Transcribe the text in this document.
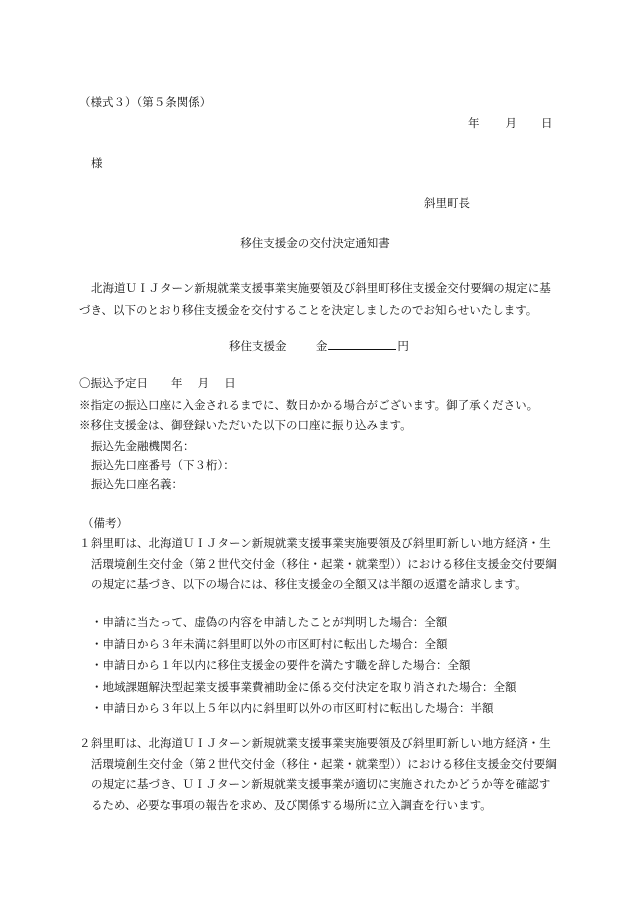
（様式３）（第５条関係）
年 月 日
様
斜里町長
移住支援金の交付決定通知書
北海道ＵＩＪターン新規就業支援事業実施要領及び斜里町移住支援金交付要綱の規定に基づき、以下のとおり移住支援金を交付することを決定しましたのでお知らせいたします。
移住支援金	金	円
〇振込予定日　　年　 月　 日
※指定の振込口座に入金されるまでに、数日かかる場合がございます。御了承ください。
※移住支援金は、御登録いただいた以下の口座に振り込みます。
振込先金融機関名：
振込先口座番号（下３桁）：
振込先口座名義：
（備考）
１ 斜里町は、北海道ＵＩＪターン新規就業支援事業実施要領及び斜里町新しい地方経済・生活環境創生交付金（第２世代交付金（移住・起業・就業型））における移住支援金交付要綱の規定に基づき、以下の場合には、移住支援金の全額又は半額の返還を請求します。
・申請に当たって、虚偽の内容を申請したことが判明した場合：全額
・申請日から３年未満に斜里町以外の市区町村に転出した場合：全額
・申請日から１年以内に移住支援金の要件を満たす職を辞した場合：全額
・地域課題解決型起業支援事業費補助金に係る交付決定を取り消された場合：全額
・申請日から３年以上５年以内に斜里町以外の市区町村に転出した場合：半額
２ 斜里町は、北海道ＵＩＪターン新規就業支援事業実施要領及び斜里町新しい地方経済・生活環境創生交付金（第２世代交付金（移住・起業・就業型））における移住支援金交付要綱の規定に基づき、ＵＩＪターン新規就業支援事業が適切に実施されたかどうか等を確認するため、必要な事項の報告を求め、及び関係する場所に立入調査を行います。
